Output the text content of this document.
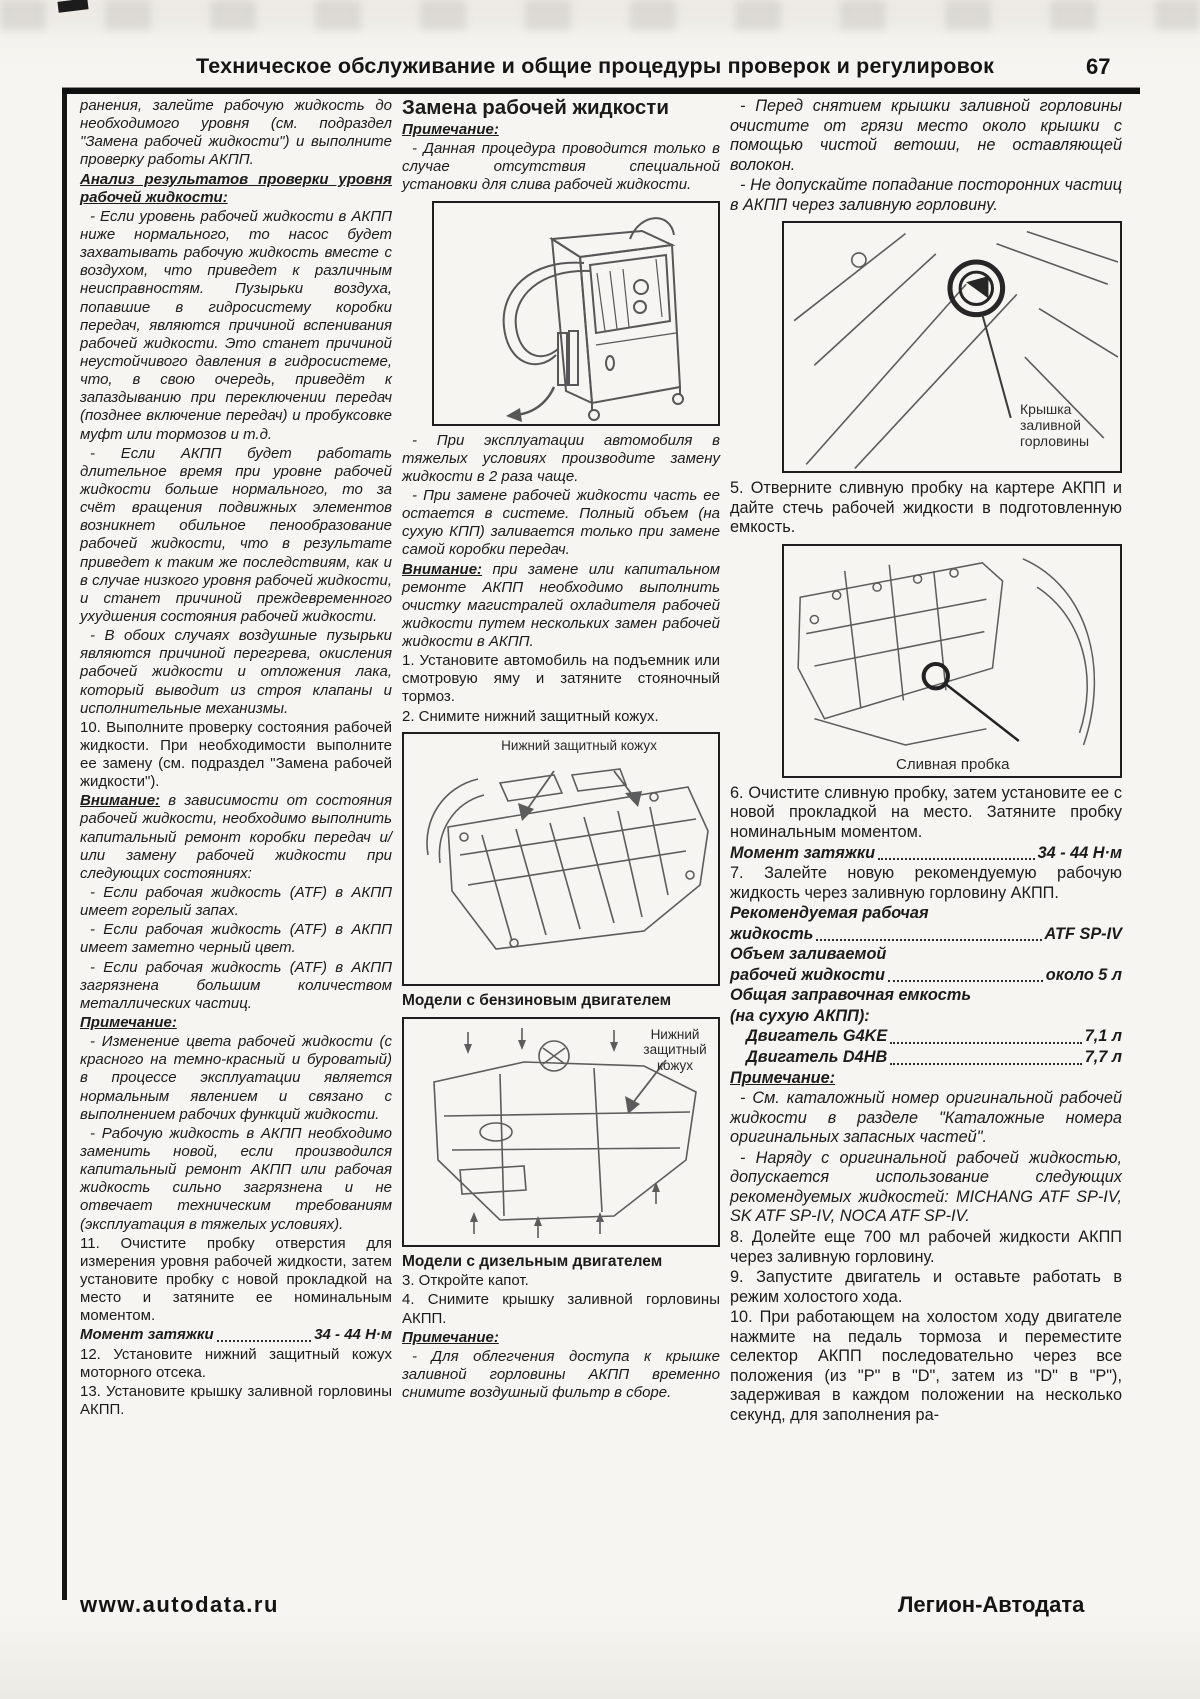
Техническое обслуживание и общие процедуры проверок и регулировок	67

ранения, залейте рабочую жидкость до необходимого уровня (см. подраздел "Замена рабочей жидкости") и выполните проверку работы АКПП.

Анализ результатов проверки уровня рабочей жидкости:

- Если уровень рабочей жидкости в АКПП ниже нормального, то насос будет захватывать рабочую жидкость вместе с воздухом, что приведет к различным неисправностям. Пузырьки воздуха, попавшие в гидросистему коробки передач, являются причиной вспенивания рабочей жидкости. Это станет причиной неустойчивого давления в гидросистеме, что, в свою очередь, приведёт к запаздыванию при переключении передач (позднее включение передач) и пробуксовке муфт или тормозов и т.д.

- Если АКПП будет работать длительное время при уровне рабочей жидкости больше нормального, то за счёт вращения подвижных элементов возникнет обильное пенообразование рабочей жидкости, что в результате приведет к таким же последствиям, как и в случае низкого уровня рабочей жидкости, и станет причиной преждевременного ухудшения состояния рабочей жидкости.

- В обоих случаях воздушные пузырьки являются причиной перегрева, окисления рабочей жидкости и отложения лака, который выводит из строя клапаны и исполнительные механизмы.

10. Выполните проверку состояния рабочей жидкости. При необходимости выполните ее замену (см. подраздел "Замена рабочей жидкости").

Внимание: в зависимости от состояния рабочей жидкости, необходимо выполнить капитальный ремонт коробки передач и/или замену рабочей жидкости при следующих состояниях:

- Если рабочая жидкость (ATF) в АКПП имеет горелый запах.

- Если рабочая жидкость (ATF) в АКПП имеет заметно черный цвет.

- Если рабочая жидкость (ATF) в АКПП загрязнена большим количеством металлических частиц.

Примечание:

- Изменение цвета рабочей жидкости (с красного на темно-красный и буроватый) в процессе эксплуатации является нормальным явлением и связано с выполнением рабочих функций жидкости.

- Рабочую жидкость в АКПП необходимо заменить новой, если производился капитальный ремонт АКПП или рабочая жидкость сильно загрязнена и не отвечает техническим требованиям (эксплуатация в тяжелых условиях).

11. Очистите пробку отверстия для измерения уровня рабочей жидкости, затем установите пробку с новой прокладкой на место и затяните ее номинальным моментом.

Момент затяжки	34 - 44 Н·м

12. Установите нижний защитный кожух моторного отсека.

13. Установите крышку заливной горловины АКПП.

Замена рабочей жидкости

Примечание:

- Данная процедура проводится только в случае отсутствия специальной установки для слива рабочей жидкости.

- При эксплуатации автомобиля в тяжелых условиях производите замену жидкости в 2 раза чаще.

- При замене рабочей жидкости часть ее остается в системе. Полный объем (на сухую КПП) заливается только при замене самой коробки передач.

Внимание: при замене или капитальном ремонте АКПП необходимо выполнить очистку магистралей охладителя рабочей жидкости путем нескольких замен рабочей жидкости в АКПП.

1. Установите автомобиль на подъемник или смотровую яму и затяните стояночный тормоз.

2. Снимите нижний защитный кожух.

Нижний защитный кожух

Модели с бензиновым двигателем

Нижний защитный кожух

Модели с дизельным двигателем

3. Откройте капот.

4. Снимите крышку заливной горловины АКПП.

Примечание:

- Для облегчения доступа к крышке заливной горловины АКПП временно снимите воздушный фильтр в сборе.

- Перед снятием крышки заливной горловины очистите от грязи место около крышки с помощью чистой ветоши, не оставляющей волокон.

- Не допускайте попадание посторонних частиц в АКПП через заливную горловину.

Крышка заливной горловины

5. Отверните сливную пробку на картере АКПП и дайте стечь рабочей жидкости в подготовленную емкость.

Сливная пробка

6. Очистите сливную пробку, затем установите ее с новой прокладкой на место. Затяните пробку номинальным моментом.

Момент затяжки	34 - 44 Н·м

7. Залейте новую рекомендуемую рабочую жидкость через заливную горловину АКПП.

Рекомендуемая рабочая

жидкость	ATF SP-IV

Объем заливаемой

рабочей жидкости	около 5 л

Общая заправочная емкость

(на сухую АКПП):

Двигатель G4KE	7,1 л

Двигатель D4HB	7,7 л

Примечание:

- См. каталожный номер оригинальной рабочей жидкости в разделе "Каталожные номера оригинальных запасных частей".

- Наряду с оригинальной рабочей жидкостью, допускается использование следующих рекомендуемых жидкостей: MICHANG ATF SP-IV, SK ATF SP-IV, NOCA ATF SP-IV.

8. Долейте еще 700 мл рабочей жидкости АКПП через заливную горловину.

9. Запустите двигатель и оставьте работать в режим холостого хода.

10. При работающем на холостом ходу двигателе нажмите на педаль тормоза и переместите селектор АКПП последовательно через все положения (из "P" в "D", затем из "D" в "P"), задерживая в каждом положении на несколько секунд, для заполнения ра-

www.autodata.ru	Легион-Автодата
